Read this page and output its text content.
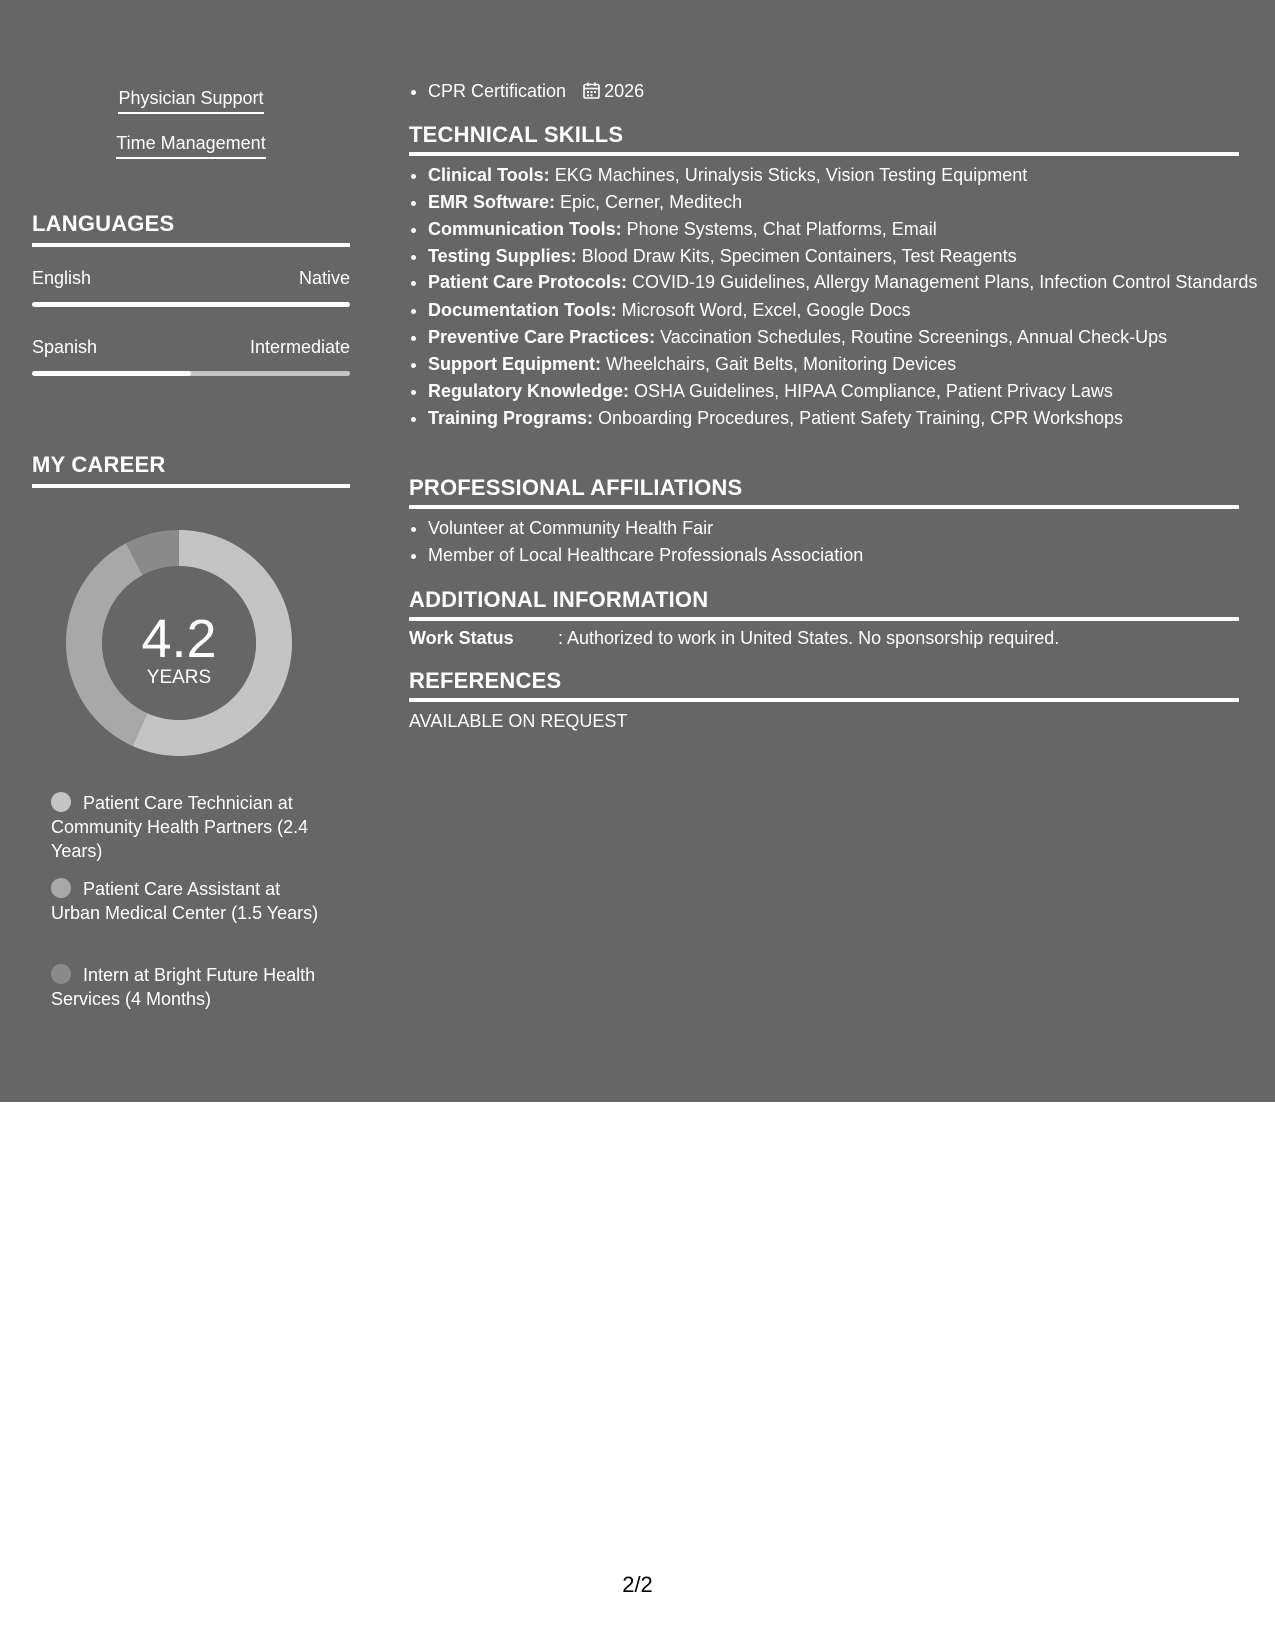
Physician Support
Time Management
LANGUAGES
English	Native
Spanish	Intermediate
MY CAREER
4.2
YEARS
Patient Care Technician at Community Health Partners (2.4 Years)
Patient Care Assistant at Urban Medical Center (1.5 Years)
Intern at Bright Future Health Services (4 Months)
• CPR Certification 2026
TECHNICAL SKILLS
• Clinical Tools: EKG Machines, Urinalysis Sticks, Vision Testing Equipment
• EMR Software: Epic, Cerner, Meditech
• Communication Tools: Phone Systems, Chat Platforms, Email
• Testing Supplies: Blood Draw Kits, Specimen Containers, Test Reagents
• Patient Care Protocols: COVID-19 Guidelines, Allergy Management Plans, Infection Control Standards
• Documentation Tools: Microsoft Word, Excel, Google Docs
• Preventive Care Practices: Vaccination Schedules, Routine Screenings, Annual Check-Ups
• Support Equipment: Wheelchairs, Gait Belts, Monitoring Devices
• Regulatory Knowledge: OSHA Guidelines, HIPAA Compliance, Patient Privacy Laws
• Training Programs: Onboarding Procedures, Patient Safety Training, CPR Workshops
PROFESSIONAL AFFILIATIONS
• Volunteer at Community Health Fair
• Member of Local Healthcare Professionals Association
ADDITIONAL INFORMATION
Work Status : Authorized to work in United States. No sponsorship required.
REFERENCES
AVAILABLE ON REQUEST
2/2
